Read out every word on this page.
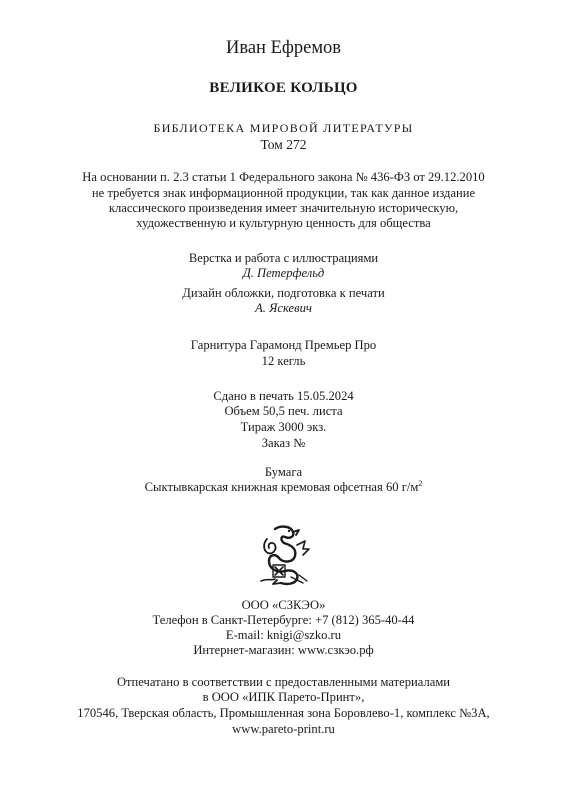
Иван Ефремов
ВЕЛИКОЕ КОЛЬЦО
БИБЛИОТЕКА МИРОВОЙ ЛИТЕРАТУРЫ
Том 272
На основании п. 2.3 статьи 1 Федерального закона № 436-ФЗ от 29.12.2010
не требуется знак информационной продукции, так как данное издание
классического произведения имеет значительную историческую,
художественную и культурную ценность для общества
Верстка и работа с иллюстрациями
Д. Петерфельд
Дизайн обложки, подготовка к печати
А. Яскевич
Гарнитура Гарамонд Премьер Про
12 кегль
Сдано в печать 15.05.2024
Объем 50,5 печ. листа
Тираж 3000 экз.
Заказ №
Бумага
Сыктывкарская книжная кремовая офсетная 60 $г/м^2$
ООО «СЗКЭО»
Телефон в Санкт-Петербурге: +7 (812) 365-40-44
E-mail: knigi@szko.ru
Интернет-магазин: www.сзкэо.рф
Отпечатано в соответствии с предоставленными материалами
в ООО «ИПК Парето-Принт»,
170546, Тверская область, Промышленная зона Боровлево-1, комплекс №3А,
www.pareto-print.ru
